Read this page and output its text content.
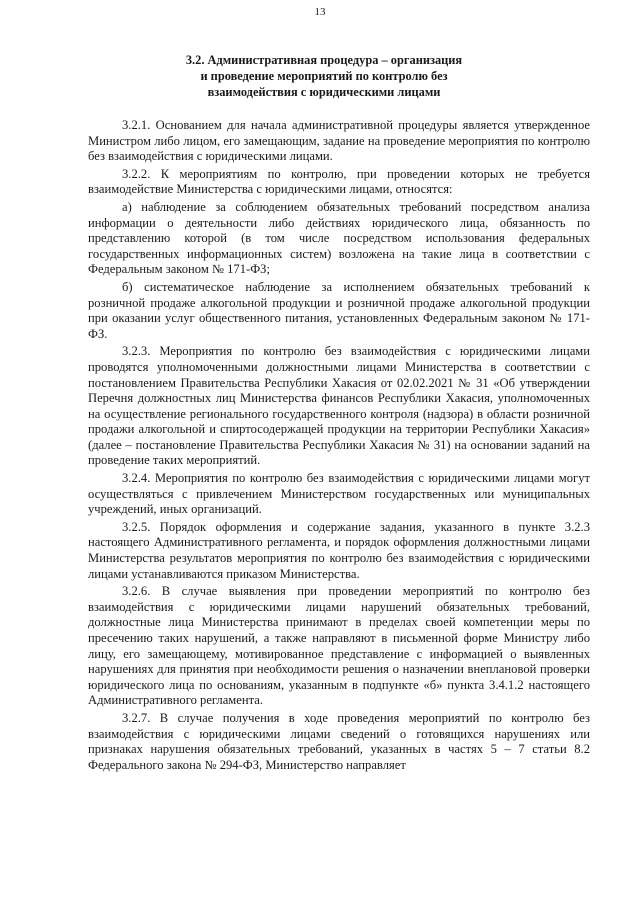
13
3.2. Административная процедура – организация
и проведение мероприятий по контролю без
взаимодействия с юридическими лицами

3.2.1. Основанием для начала административной процедуры является утвержденное Министром либо лицом, его замещающим, задание на проведение мероприятия по контролю без взаимодействия с юридическими лицами.

3.2.2. К мероприятиям по контролю, при проведении которых не требуется взаимодействие Министерства с юридическими лицами, относятся:

а) наблюдение за соблюдением обязательных требований посредством анализа информации о деятельности либо действиях юридического лица, обязанность по представлению которой (в том числе посредством использования федеральных государственных информационных систем) возложена на такие лица в соответствии с Федеральным законом № 171-ФЗ;

б) систематическое наблюдение за исполнением обязательных требований к розничной продаже алкогольной продукции и розничной продаже алкогольной продукции при оказании услуг общественного питания, установленных Федеральным законом № 171-ФЗ.

3.2.3. Мероприятия по контролю без взаимодействия с юридическими лицами проводятся уполномоченными должностными лицами Министерства в соответствии с постановлением Правительства Республики Хакасия от 02.02.2021 № 31 «Об утверждении Перечня должностных лиц Министерства финансов Республики Хакасия, уполномоченных на осуществление регионального государственного контроля (надзора) в области розничной продажи алкогольной и спиртосодержащей продукции на территории Республики Хакасия» (далее – постановление Правительства Республики Хакасия № 31) на основании заданий на проведение таких мероприятий.

3.2.4. Мероприятия по контролю без взаимодействия с юридическими лицами могут осуществляться с привлечением Министерством государственных или муниципальных учреждений, иных организаций.

3.2.5. Порядок оформления и содержание задания, указанного в пункте 3.2.3 настоящего Административного регламента, и порядок оформления должностными лицами Министерства результатов мероприятия по контролю без взаимодействия с юридическими лицами устанавливаются приказом Министерства.

3.2.6. В случае выявления при проведении мероприятий по контролю без взаимодействия с юридическими лицами нарушений обязательных требований, должностные лица Министерства принимают в пределах своей компетенции меры по пресечению таких нарушений, а также направляют в письменной форме Министру либо лицу, его замещающему, мотивированное представление с информацией о выявленных нарушениях для принятия при необходимости решения о назначении внеплановой проверки юридического лица по основаниям, указанным в подпункте «б» пункта 3.4.1.2 настоящего Административного регламента.

3.2.7. В случае получения в ходе проведения мероприятий по контролю без взаимодействия с юридическими лицами сведений о готовящихся нарушениях или признаках нарушения обязательных требований, указанных в частях 5 – 7 статьи 8.2 Федерального закона № 294-ФЗ, Министерство направляет
